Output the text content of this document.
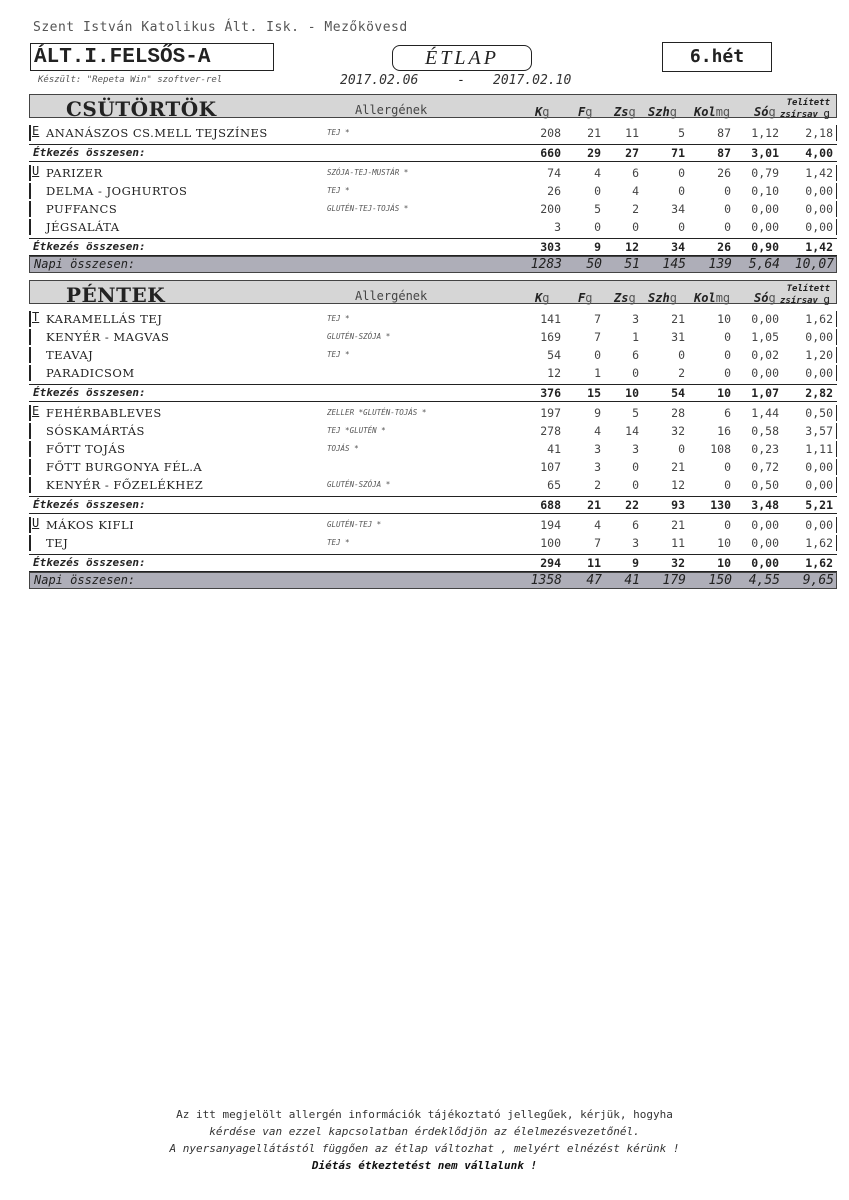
Szent István Katolikus Ált. Isk. - Mezőkövesd
ÁLT.I.FELSŐS-A	ÉTLAP	6.hét
Készült: "Repeta Win" szoftver-rel	2017.02.06	- 2017.02.10
CSÜTÖRTÖK	Allergének	Kg Fg Zsg Szhg Kolmg Sóg
Telített
zsírsav g
E ANANÁSZOS CS.MELL TEJSZÍNES	TEJ *	208	21	11	5	87	1,12	2,18
Étkezés összesen:	660	29	27	71	87	3,01	4,00
U PARIZER	SZÓJA-TEJ-MUSTÁR *	74	4	6	0	26	0,79	1,42
DELMA - JOGHURTOS	TEJ *	26	0	4	0	0	0,10	0,00
PUFFANCS	GLUTÉN-TEJ-TOJÁS *	200	5	2	34	0	0,00	0,00
JÉGSALÁTA	3	0	0	0	0	0,00	0,00
Étkezés összesen:	303	9	12	34	26	0,90	1,42
Napi összesen:	1283	50	51	145	139	5,64	10,07
PÉNTEK	Allergének	Kg Fg Zsg Szhg Kolmg Sóg
Telített
zsírsav g
T KARAMELLÁS TEJ	TEJ *	141	7	3	21	10	0,00	1,62
KENYÉR - MAGVAS	GLUTÉN-SZÓJA *	169	7	1	31	0	1,05	0,00
TEAVAJ	TEJ *	54	0	6	0	0	0,02	1,20
PARADICSOM	12	1	0	2	0	0,00	0,00
Étkezés összesen:	376	15	10	54	10	1,07	2,82
E FEHÉRBABLEVES	ZELLER *GLUTÉN-TOJÁS *	197	9	5	28	6	1,44	0,50
SÓSKAMÁRTÁS	TEJ *GLUTÉN *	278	4	14	32	16	0,58	3,57
FŐTT TOJÁS	TOJÁS *	41	3	3	0	108	0,23	1,11
FŐTT BURGONYA FÉL.A	107	3	0	21	0	0,72	0,00
KENYÉR - FŐZELÉKHEZ	GLUTÉN-SZÓJA *	65	2	0	12	0	0,50	0,00
Étkezés összesen:	688	21	22	93	130	3,48	5,21
U MÁKOS KIFLI	GLUTÉN-TEJ *	194	4	6	21	0	0,00	0,00
TEJ	TEJ *	100	7	3	11	10	0,00	1,62
Étkezés összesen:	294	11	9	32	10	0,00	1,62
Napi összesen:	1358	47	41	179	150	4,55	9,65
Az itt megjelölt allergén információk tájékoztató jellegűek, kérjük, hogyha
kérdése van ezzel kapcsolatban érdeklődjön az élelmezésvezetőnél.
A nyersanyagellátástól függően az étlap változhat , melyért elnézést kérünk !
Diétás étkeztetést nem vállalunk !
